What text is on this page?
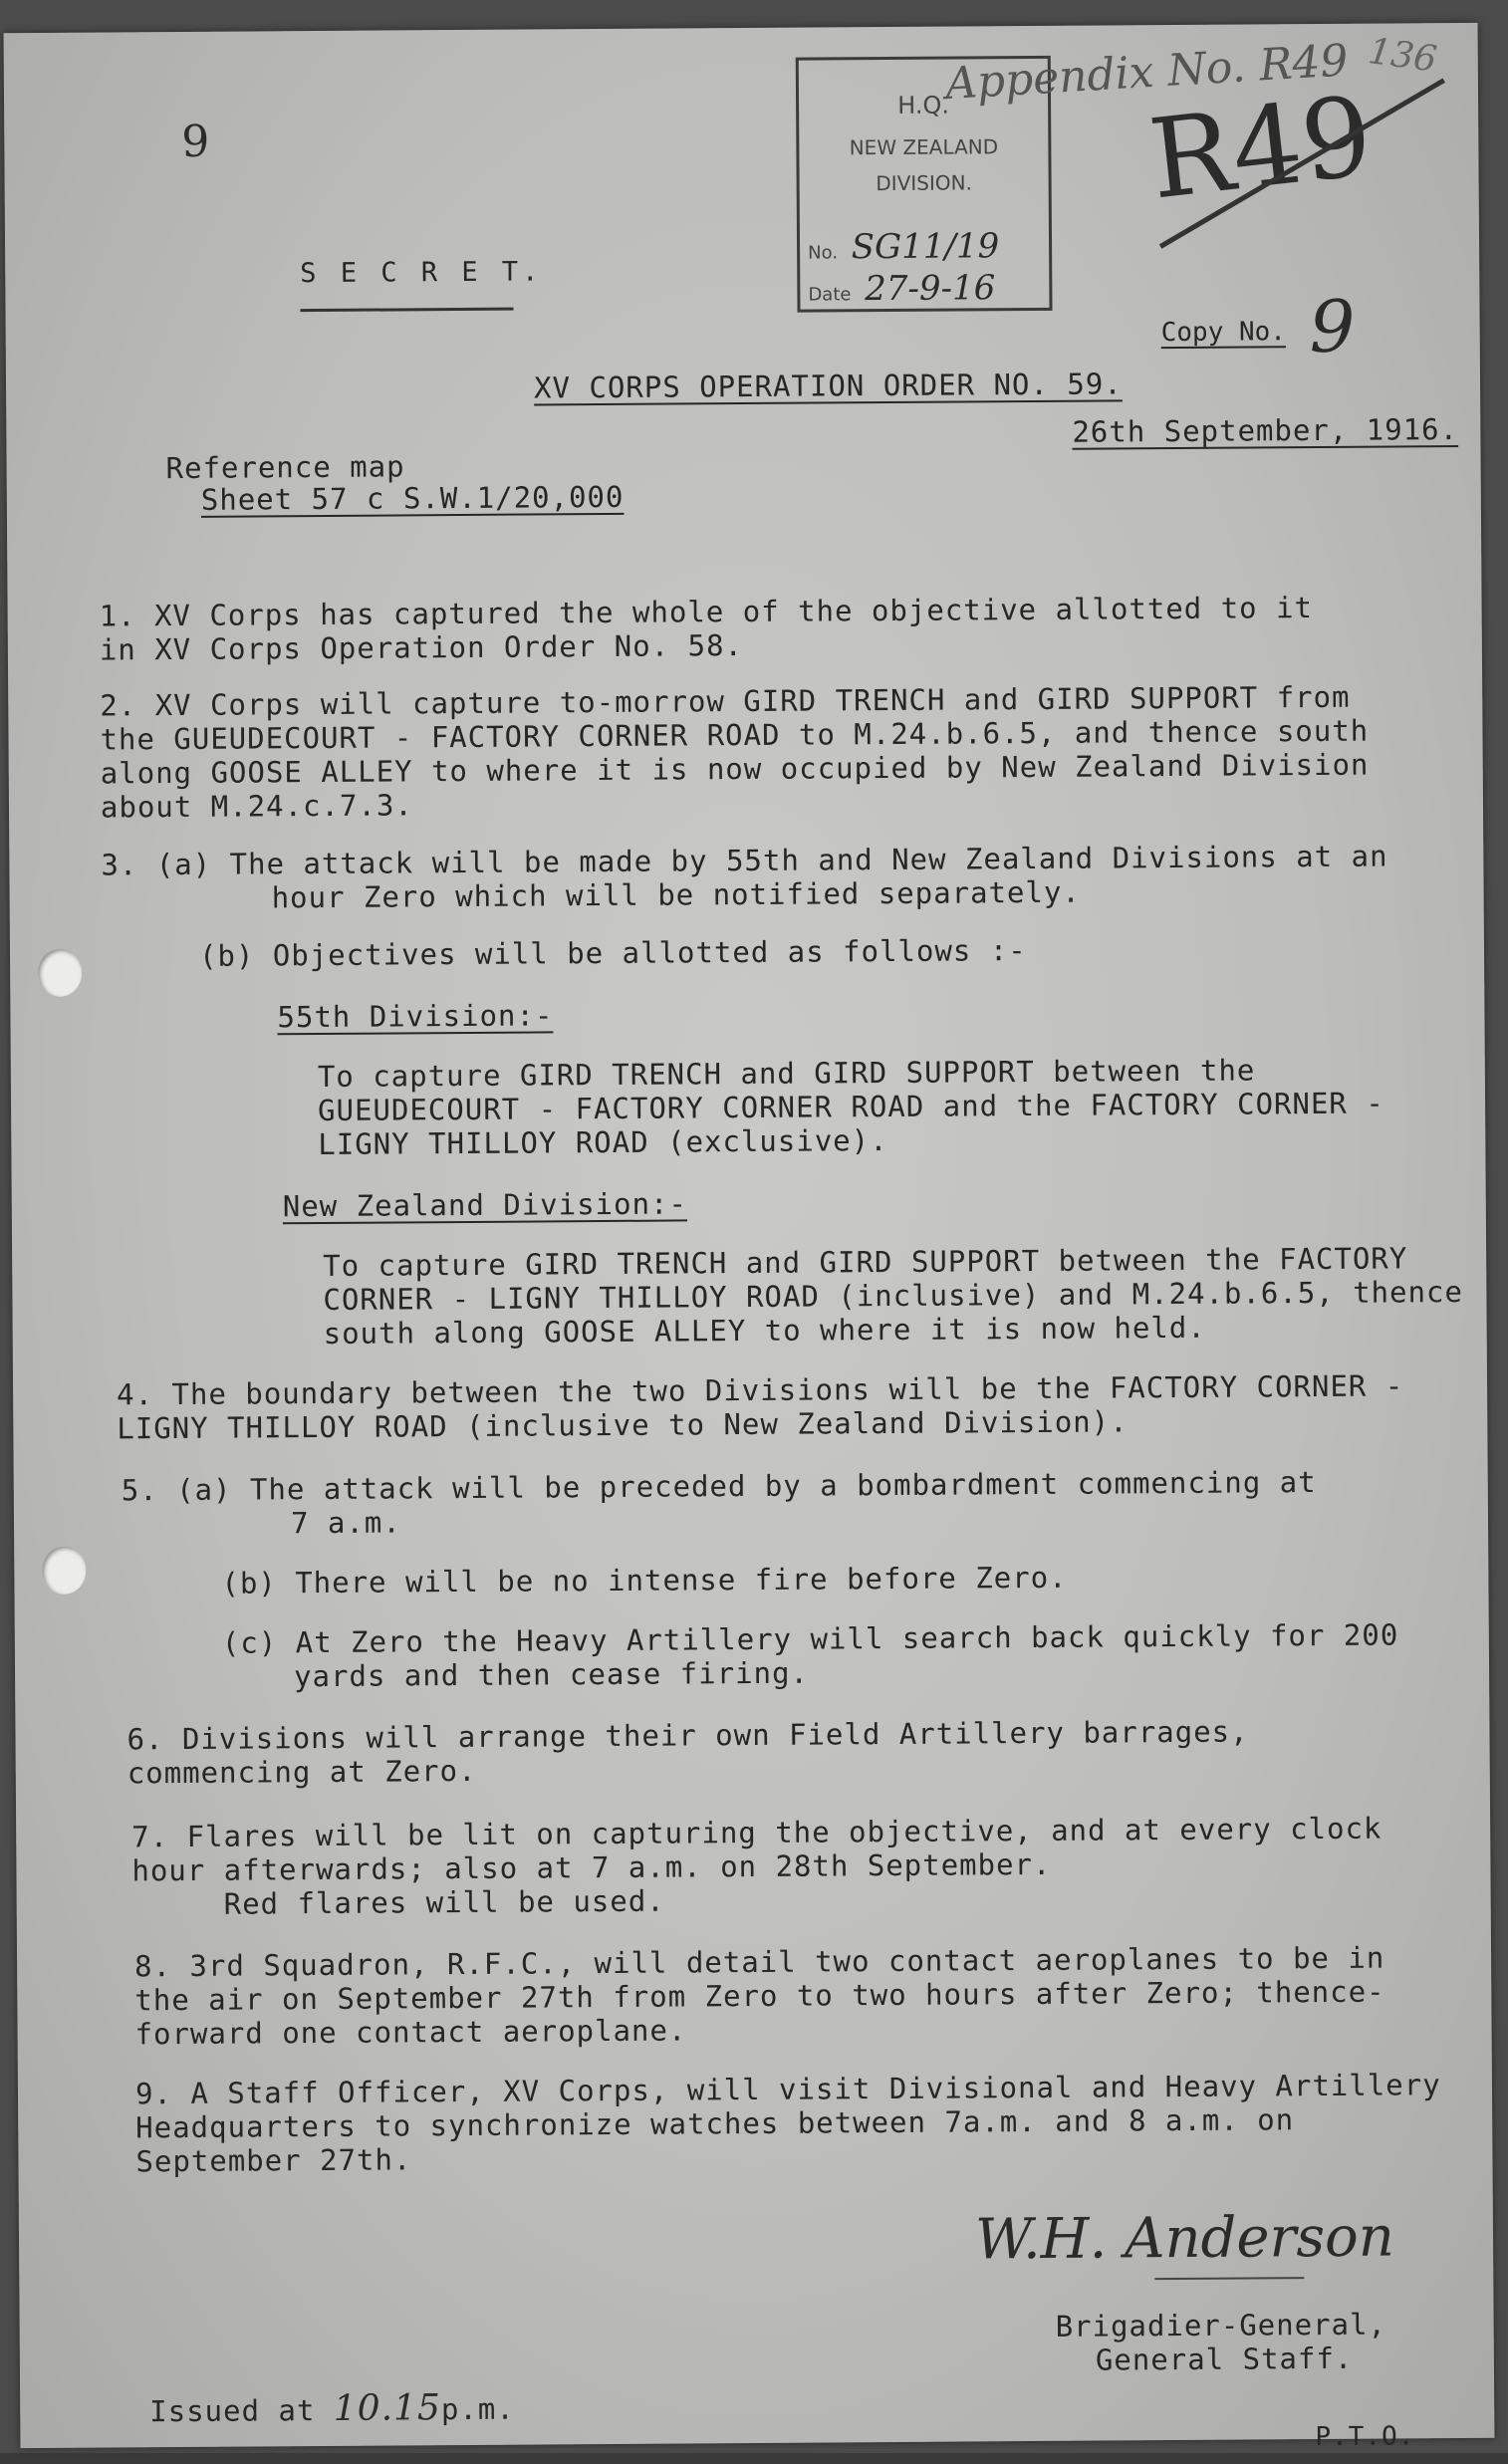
9
S E C R E T.
H.Q.
NEW ZEALAND
DIVISION.
No. SG11/19
Date 27-9-16
Appendix No. R49 136
R49
Copy No. 9
XV CORPS OPERATION ORDER NO. 59.
26th September, 1916.
Reference map
Sheet 57 c S.W.1/20,000
1. XV Corps has captured the whole of the objective allotted to it
in XV Corps Operation Order No. 58.
2. XV Corps will capture to-morrow GIRD TRENCH and GIRD SUPPORT from
the GUEUDECOURT - FACTORY CORNER ROAD to M.24.b.6.5, and thence south
along GOOSE ALLEY to where it is now occupied by New Zealand Division
about M.24.c.7.3.
3. (a) The attack will be made by 55th and New Zealand Divisions at an
hour Zero which will be notified separately.
(b) Objectives will be allotted as follows :-
55th Division:-
To capture GIRD TRENCH and GIRD SUPPORT between the
GUEUDECOURT - FACTORY CORNER ROAD and the FACTORY CORNER -
LIGNY THILLOY ROAD (exclusive).
New Zealand Division:-
To capture GIRD TRENCH and GIRD SUPPORT between the FACTORY
CORNER - LIGNY THILLOY ROAD (inclusive) and M.24.b.6.5, thence
south along GOOSE ALLEY to where it is now held.
4. The boundary between the two Divisions will be the FACTORY CORNER -
LIGNY THILLOY ROAD (inclusive to New Zealand Division).
5. (a) The attack will be preceded by a bombardment commencing at
7 a.m.
(b) There will be no intense fire before Zero.
(c) At Zero the Heavy Artillery will search back quickly for 200
yards and then cease firing.
6. Divisions will arrange their own Field Artillery barrages,
commencing at Zero.
7. Flares will be lit on capturing the objective, and at every clock
hour afterwards; also at 7 a.m. on 28th September.
Red flares will be used.
8. 3rd Squadron, R.F.C., will detail two contact aeroplanes to be in
the air on September 27th from Zero to two hours after Zero; thence-
forward one contact aeroplane.
9. A Staff Officer, XV Corps, will visit Divisional and Heavy Artillery
Headquarters to synchronize watches between 7a.m. and 8 a.m. on
September 27th.
W.H. Anderson
Brigadier-General,
General Staff.
Issued at 10.15p.m.
P.T.O.
